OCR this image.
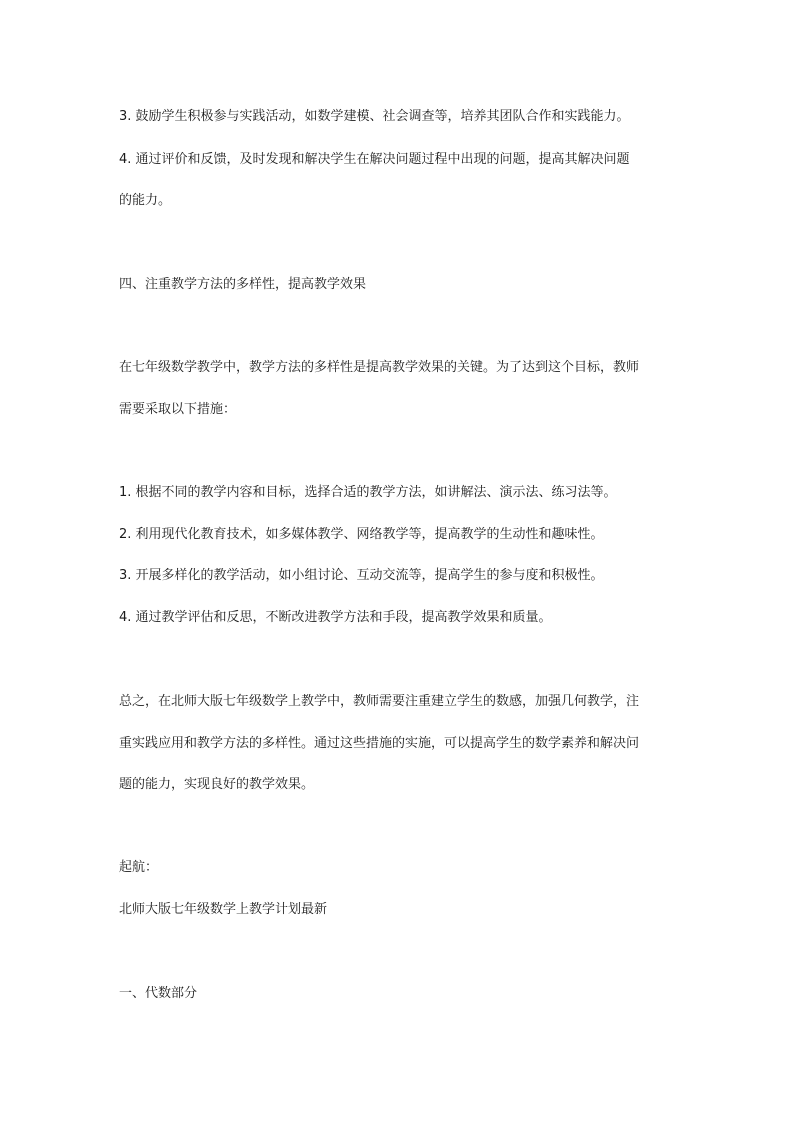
3. 鼓励学生积极参与实践活动，如数学建模、社会调查等，培养其团队合作和实践能力。

4. 通过评价和反馈，及时发现和解决学生在解决问题过程中出现的问题，提高其解决问题

的能力。

四、注重教学方法的多样性，提高教学效果

在七年级数学教学中，教学方法的多样性是提高教学效果的关键。为了达到这个目标，教师

需要采取以下措施：

1. 根据不同的教学内容和目标，选择合适的教学方法，如讲解法、演示法、练习法等。

2. 利用现代化教育技术，如多媒体教学、网络教学等，提高教学的生动性和趣味性。

3. 开展多样化的教学活动，如小组讨论、互动交流等，提高学生的参与度和积极性。

4. 通过教学评估和反思，不断改进教学方法和手段，提高教学效果和质量。

总之，在北师大版七年级数学上教学中，教师需要注重建立学生的数感，加强几何教学，注

重实践应用和教学方法的多样性。通过这些措施的实施，可以提高学生的数学素养和解决问

题的能力，实现良好的教学效果。

起航：

北师大版七年级数学上教学计划最新

一、代数部分
